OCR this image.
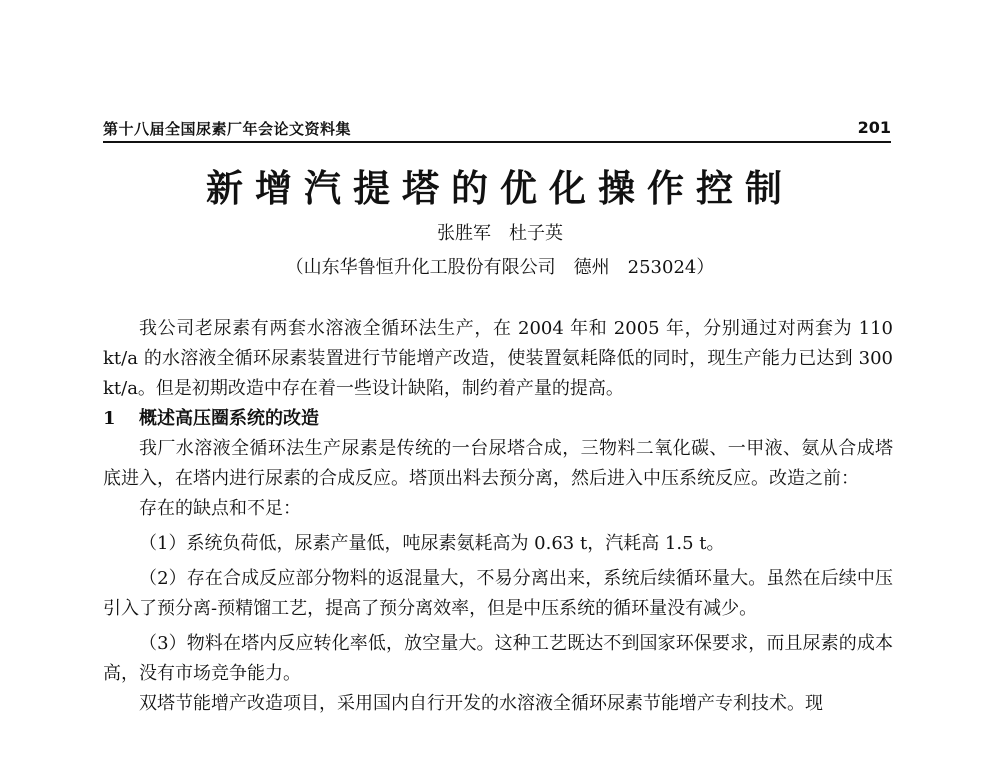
第十八届全国尿素厂年会论文资料集	201
新增汽提塔的优化操作控制
张胜军　杜子英
（山东华鲁恒升化工股份有限公司　德州　253024）

我公司老尿素有两套水溶液全循环法生产，在 2004 年和 2005 年，分别通过对两套为 110 kt/a 的水溶液全循环尿素装置进行节能增产改造，使装置氨耗降低的同时，现生产能力已达到 300 kt/a。但是初期改造中存在着一些设计缺陷，制约着产量的提高。

1 概述高压圈系统的改造

我厂水溶液全循环法生产尿素是传统的一台尿塔合成，三物料二氧化碳、一甲液、氨从合成塔底进入，在塔内进行尿素的合成反应。塔顶出料去预分离，然后进入中压系统反应。改造之前：

存在的缺点和不足：

（1）系统负荷低，尿素产量低，吨尿素氨耗高为 0.63 t，汽耗高 1.5 t。

（2）存在合成反应部分物料的返混量大，不易分离出来，系统后续循环量大。虽然在后续中压引入了预分离-预精馏工艺，提高了预分离效率，但是中压系统的循环量没有减少。

（3）物料在塔内反应转化率低，放空量大。这种工艺既达不到国家环保要求，而且尿素的成本高，没有市场竞争能力。

双塔节能增产改造项目，采用国内自行开发的水溶液全循环尿素节能增产专利技术。现
